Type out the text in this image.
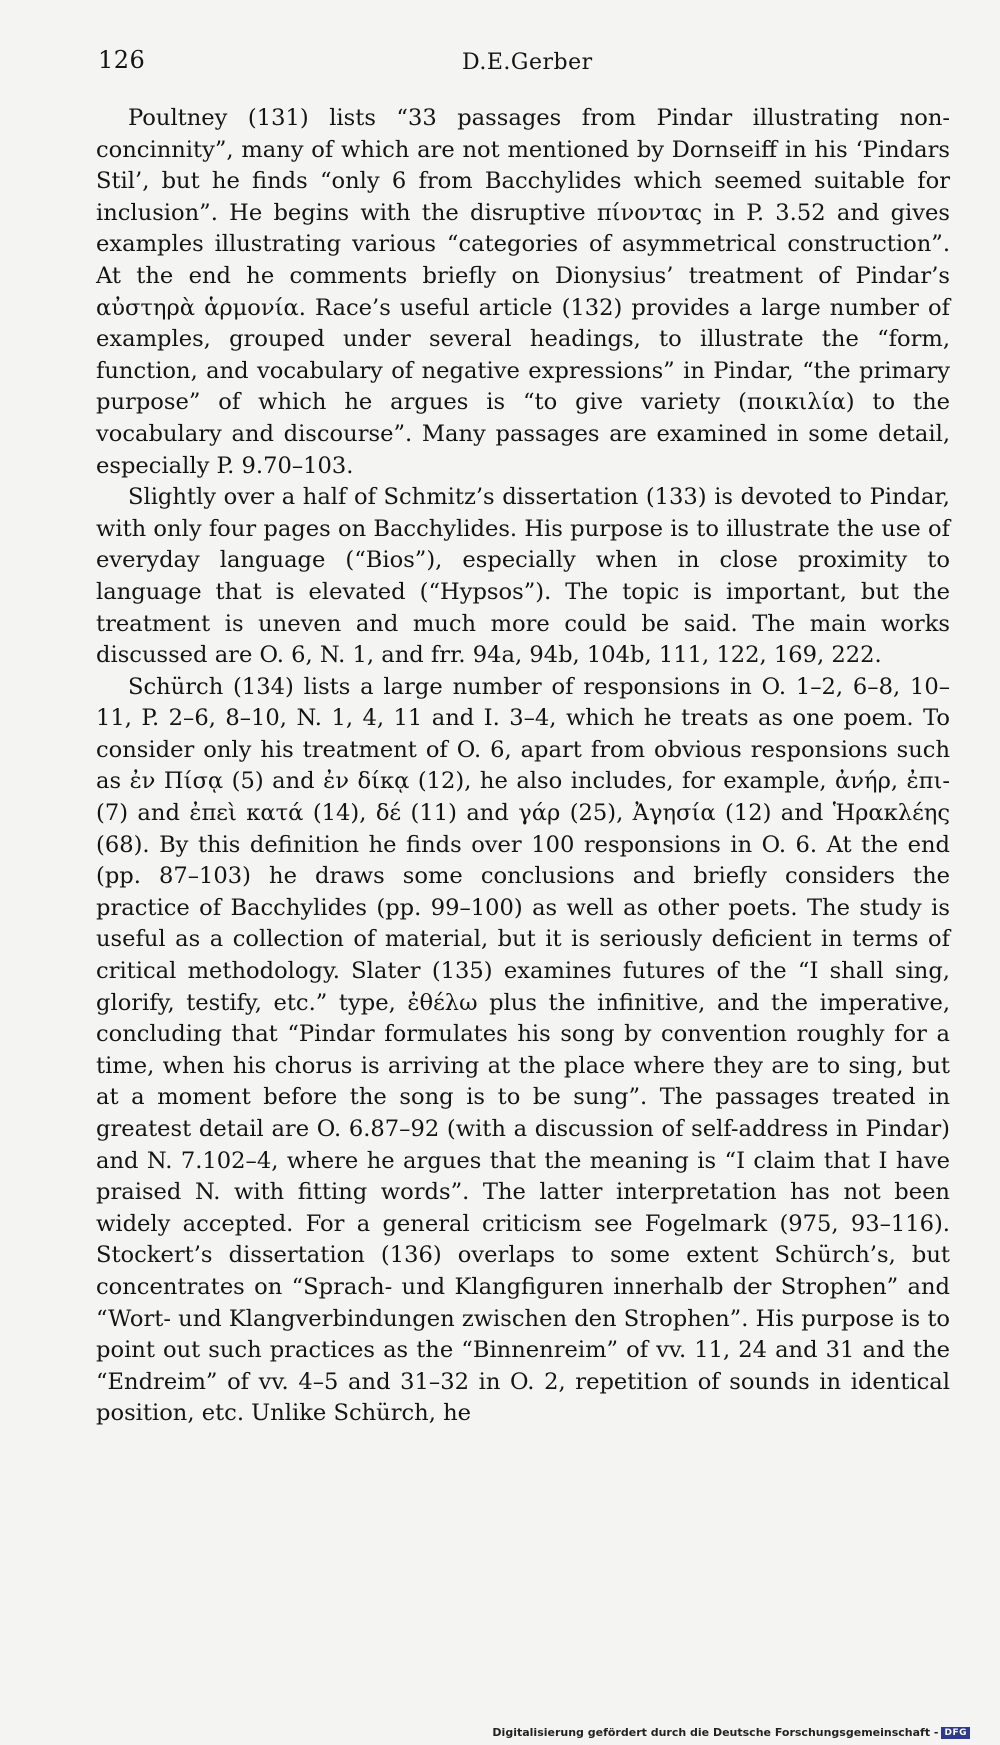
126	D.E.Gerber

Poultney (131) lists “33 passages from Pindar illustrating non-concinnity”, many of which are not mentioned by Dornseiff in his ‘Pindars Stil’, but he finds “only 6 from Bacchylides which seemed suitable for inclusion”. He begins with the disruptive πίνοντας in P. 3.52 and gives examples illustrating various “categories of asymmetrical construction”. At the end he comments briefly on Dionysius’ treatment of Pindar’s αὐστηρὰ ἁρμονία. Race’s useful article (132) provides a large number of examples, grouped under several headings, to illustrate the “form, function, and vocabulary of negative expressions” in Pindar, “the primary purpose” of which he argues is “to give variety (ποικιλία) to the vocabulary and discourse”. Many passages are examined in some detail, especially P. 9.70–103.

Slightly over a half of Schmitz’s dissertation (133) is devoted to Pindar, with only four pages on Bacchylides. His purpose is to illustrate the use of everyday language (“Bios”), especially when in close proximity to language that is elevated (“Hypsos”). The topic is important, but the treatment is uneven and much more could be said. The main works discussed are O. 6, N. 1, and frr. 94a, 94b, 104b, 111, 122, 169, 222.

Schürch (134) lists a large number of responsions in O. 1–2, 6–8, 10–11, P. 2–6, 8–10, N. 1, 4, 11 and I. 3–4, which he treats as one poem. To consider only his treatment of O. 6, apart from obvious responsions such as ἐν Πίσᾳ (5) and ἐν δίκᾳ (12), he also includes, for example, ἀνήρ, ἐπι- (7) and ἐπεὶ κατά (14), δέ (11) and γάρ (25), Ἀγησία (12) and Ἡρακλέης (68). By this definition he finds over 100 responsions in O. 6. At the end (pp. 87–103) he draws some conclusions and briefly considers the practice of Bacchylides (pp. 99–100) as well as other poets. The study is useful as a collection of material, but it is seriously deficient in terms of critical methodology. Slater (135) examines futures of the “I shall sing, glorify, testify, etc.” type, ἐθέλω plus the infinitive, and the imperative, concluding that “Pindar formulates his song by convention roughly for a time, when his chorus is arriving at the place where they are to sing, but at a moment before the song is to be sung”. The passages treated in greatest detail are O. 6.87–92 (with a discussion of self-address in Pindar) and N. 7.102–4, where he argues that the meaning is “I claim that I have praised N. with fitting words”. The latter interpretation has not been widely accepted. For a general criticism see Fogelmark (975, 93–116). Stockert’s dissertation (136) overlaps to some extent Schürch’s, but concentrates on “Sprach- und Klangfiguren innerhalb der Strophen” and “Wort- und Klangverbindungen zwischen den Strophen”. His purpose is to point out such practices as the “Binnenreim” of vv. 11, 24 and 31 and the “Endreim” of vv. 4–5 and 31–32 in O. 2, repetition of sounds in identical position, etc. Unlike Schürch, he

Digitalisierung gefördert durch die Deutsche Forschungsgemeinschaft - DFG
